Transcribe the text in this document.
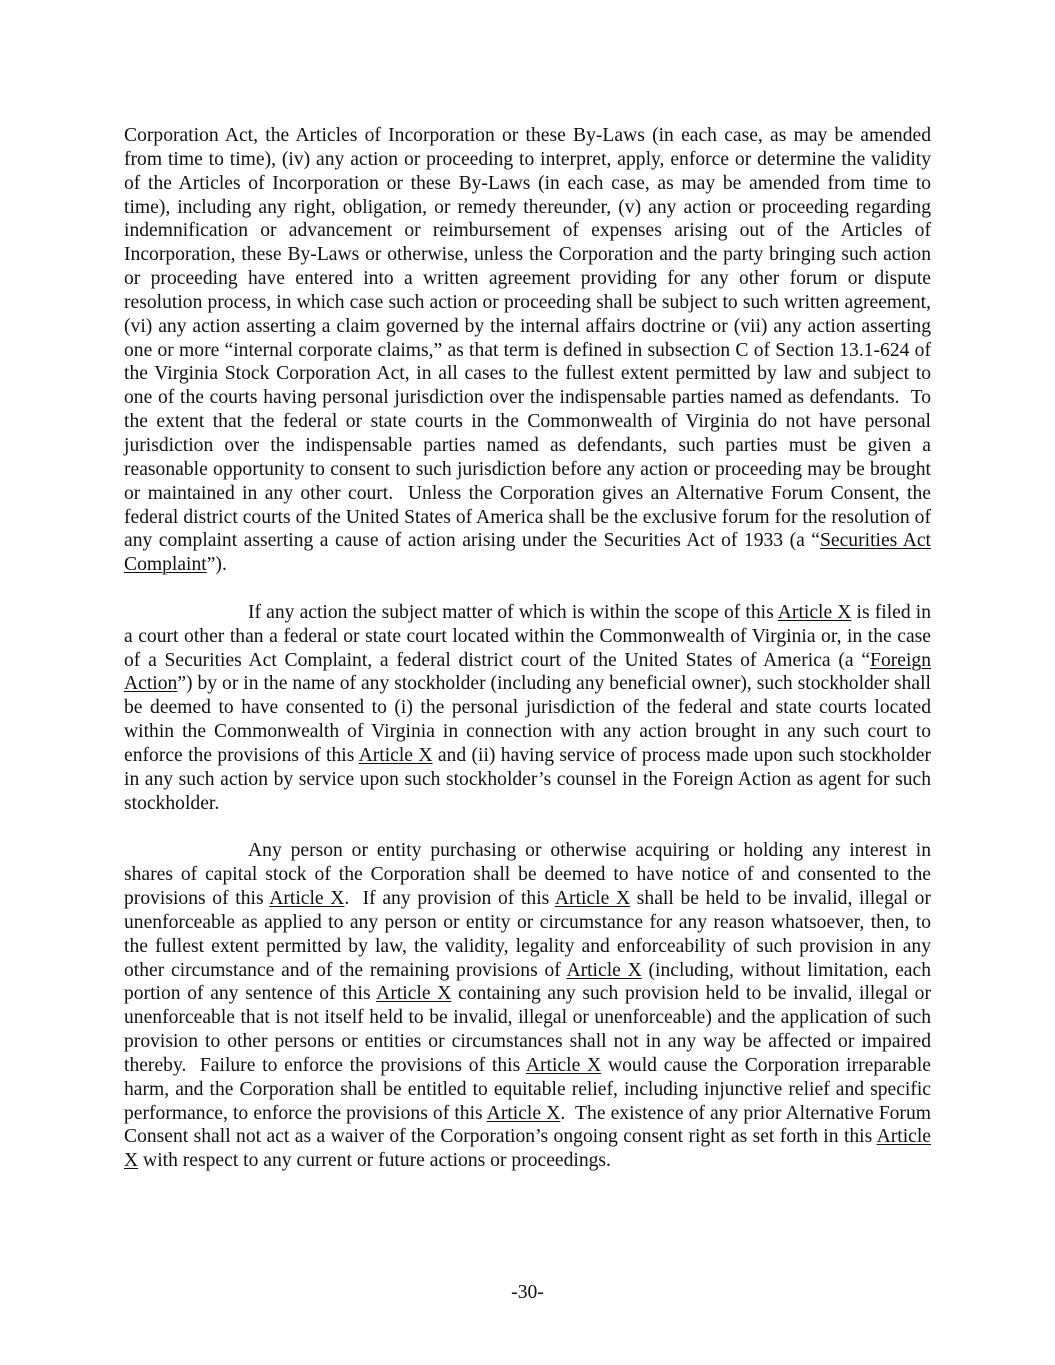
Corporation Act, the Articles of Incorporation or these By-Laws (in each case, as may be amended from time to time), (iv) any action or proceeding to interpret, apply, enforce or determine the validity of the Articles of Incorporation or these By-Laws (in each case, as may be amended from time to time), including any right, obligation, or remedy thereunder, (v) any action or proceeding regarding indemnification or advancement or reimbursement of expenses arising out of the Articles of Incorporation, these By-Laws or otherwise, unless the Corporation and the party bringing such action or proceeding have entered into a written agreement providing for any other forum or dispute resolution process, in which case such action or proceeding shall be subject to such written agreement, (vi) any action asserting a claim governed by the internal affairs doctrine or (vii) any action asserting one or more “internal corporate claims,” as that term is defined in subsection C of Section 13.1-624 of the Virginia Stock Corporation Act, in all cases to the fullest extent permitted by law and subject to one of the courts having personal jurisdiction over the indispensable parties named as defendants.  To the extent that the federal or state courts in the Commonwealth of Virginia do not have personal jurisdiction over the indispensable parties named as defendants, such parties must be given a reasonable opportunity to consent to such jurisdiction before any action or proceeding may be brought or maintained in any other court.  Unless the Corporation gives an Alternative Forum Consent, the federal district courts of the United States of America shall be the exclusive forum for the resolution of any complaint asserting a cause of action arising under the Securities Act of 1933 (a “Securities Act Complaint”).

If any action the subject matter of which is within the scope of this Article X is filed in a court other than a federal or state court located within the Commonwealth of Virginia or, in the case of a Securities Act Complaint, a federal district court of the United States of America (a “Foreign Action”) by or in the name of any stockholder (including any beneficial owner), such stockholder shall be deemed to have consented to (i) the personal jurisdiction of the federal and state courts located within the Commonwealth of Virginia in connection with any action brought in any such court to enforce the provisions of this Article X and (ii) having service of process made upon such stockholder in any such action by service upon such stockholder’s counsel in the Foreign Action as agent for such stockholder.

Any person or entity purchasing or otherwise acquiring or holding any interest in shares of capital stock of the Corporation shall be deemed to have notice of and consented to the provisions of this Article X.  If any provision of this Article X shall be held to be invalid, illegal or unenforceable as applied to any person or entity or circumstance for any reason whatsoever, then, to the fullest extent permitted by law, the validity, legality and enforceability of such provision in any other circumstance and of the remaining provisions of Article X (including, without limitation, each portion of any sentence of this Article X containing any such provision held to be invalid, illegal or unenforceable that is not itself held to be invalid, illegal or unenforceable) and the application of such provision to other persons or entities or circumstances shall not in any way be affected or impaired thereby.  Failure to enforce the provisions of this Article X would cause the Corporation irreparable harm, and the Corporation shall be entitled to equitable relief, including injunctive relief and specific performance, to enforce the provisions of this Article X.  The existence of any prior Alternative Forum Consent shall not act as a waiver of the Corporation’s ongoing consent right as set forth in this Article X with respect to any current or future actions or proceedings.

-30-
